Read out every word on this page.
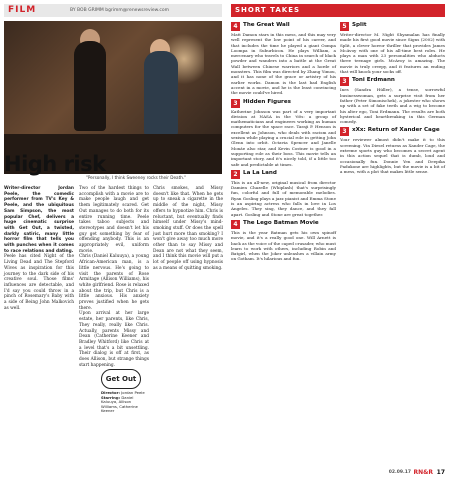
FILM	BY BOB GRIMM bgrimm@renewsreview.com	SHORT TAKES
"Personally, I think Sweeney rocks their Death."
High risk

Writer-director Jordan Peele, the comedic performer from TV's Key & Peele, and the ubiquitous Sam Simpson, the most popular Chef, delivers a huge cinematic surprise with Get Out, a twisted, darkly satiric, many little horror film that tells you with punches when it comes to race relations and dating.

Peele has cited Night of the Living Dead and The Stepford Wives as inspiration for this journey to the dark side of his creative soul. Those films' influences are detectable, and I'd say you could throw in a pinch of Rosemary's Baby with a side of Being John Malkovich as well.

Two of the hardest things to accomplish with a movie are to make people laugh and get them legitimately scared. Get Out manages to do both for its entire running time. Peele takes taboo subjects and stereotypes and doesn't let his guy get something by fear of offending anybody. This is an appropriately evil, uniform movie.

Chris (Daniel Kaluuya), a young African-American man, is a little nervous. He's going to visit the parents of Rose Armitage (Allison Williams), his white girlfriend. Rose is relaxed about the trip, but Chris is a little anxious. His anxiety proves justified when he gets there.

Upon arrival at her large estate, her parents, like Chris, They really, really like Chris. Actually, parents Missy and Dean (Catherine Keener and Bradley Whitford) like Chris at a level that's a bit unsettling. Their dialog is off at first, as does Allison, but strange things start happening.

Chris smokes, and Missy doesn't like that. When he gets up to sneak a cigarette in the middle of the night, Missy offers to hypnotize him. Chris is reluctant, but eventually finds himself under Missy's mind-smoking stuff. Or does the spell just hurt more than smoking? I won't give away too much more other than to say Missy and Dean are not what they seem, and I think this movie will put a lot of people off using hypnosis as a means of quitting smoking.

Get Out
Director: Jordan Peele
Starring: Daniel Kaluuya, Allison Williams, Catherine Keener
4 The Great Wall
Matt Damon stars in this mess, and this may very well represent the low point of his career, and that includes the time he played a giant Oompa Loompa in Suburbicon. He plays William, a mercenary who travels to China in search of black powder and wanders into a battle at the Great Wall between Chinese warriors and a horde of monsters. This film was directed by Zhang Yimou, and it has none of the grace or artistry of his earlier works. Damon is the last bad English accent in a movie, and he is the least convincing the movie could've hired.
3 Hidden Figures
Katherine Johnson was part of a very important division at NASA in the '60s: a group of mathematicians and engineers working as human computers for the space race. Taraji P. Henson is excellent as Johnson, who deals with racism and sexism while playing a crucial role in getting John Glenn into orbit. Octavia Spencer and Janelle Monáe also star, and Kevin Costner is good in a supporting role as their boss. This movie tells an important story, and it's nicely told, if a little too safe and predictable at times.
2 La La Land
This is an all-new, original musical from director Damien Chazelle (Whiplash) that's surprisingly fun, colorful and full of memorable melodies. Ryan Gosling plays a jazz pianist and Emma Stone is an aspiring actress who falls in love in Los Angeles. They sing, they dance, and they fall apart. Gosling and Stone are great together.
4 The Lego Batman Movie
This is the year Batman gets his own spinoff movie, and it's a really good one. Will Arnett is back as the voice of the caped crusader, who must learn to work with others, including Robin and Batgirl, when the Joker unleashes a villain army on Gotham. It's hilarious and fun.
5 Split
Writer-director M. Night Shyamalan has finally made his first good movie since Signs (2002) with Split, a clever horror thriller that provides James McAvoy with one of his all-time best roles. He plays a man with 23 personalities who abducts three teenage girls. McAvoy is amazing. The movie is truly creepy, and it features an ending that will knock your socks off.
3 Toni Erdmann
Ines (Sandra Hüller), a tense, sorrowful businesswoman, gets a surprise visit from her father (Peter Simonischek), a jokester who shows up with a set of fake teeth and a wig to become his alter ego, Toni Erdmann. The results are both hysterical and heartbreaking in this German comedy.
3 xXx: Return of Xander Cage
Your reviewer almost didn't make it to this screening. Vin Diesel returns as Xander Cage, the extreme sports guy who becomes a secret agent in this action sequel that is dumb, loud and occasionally fun. Donnie Yen and Deepika Padukone are highlights, but the movie is a bit of a mess, with a plot that makes little sense.
02.09.17 RN&R 17
